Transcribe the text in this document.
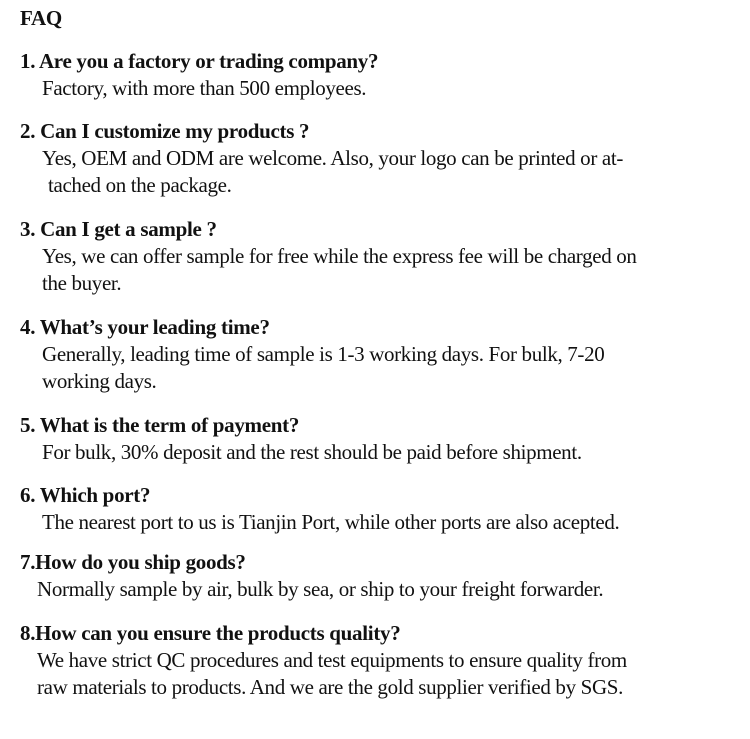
FAQ
1. Are you a factory or trading company?
Factory, with more than 500 employees.
2. Can I customize my products ?
Yes, OEM and ODM are welcome. Also, your logo can be printed or at-
tached on the package.
3. Can I get a sample ?
Yes, we can offer sample for free while the express fee will be charged on
the buyer.
4. What’s your leading time?
Generally, leading time of sample is 1-3 working days. For bulk, 7-20
working days.
5. What is the term of payment?
For bulk, 30% deposit and the rest should be paid before shipment.
6. Which port?
The nearest port to us is Tianjin Port, while other ports are also acepted.
7.How do you ship goods?
Normally sample by air, bulk by sea, or ship to your freight forwarder.
8.How can you ensure the products quality?
We have strict QC procedures and test equipments to ensure quality from
raw materials to products. And we are the gold supplier verified by SGS.
